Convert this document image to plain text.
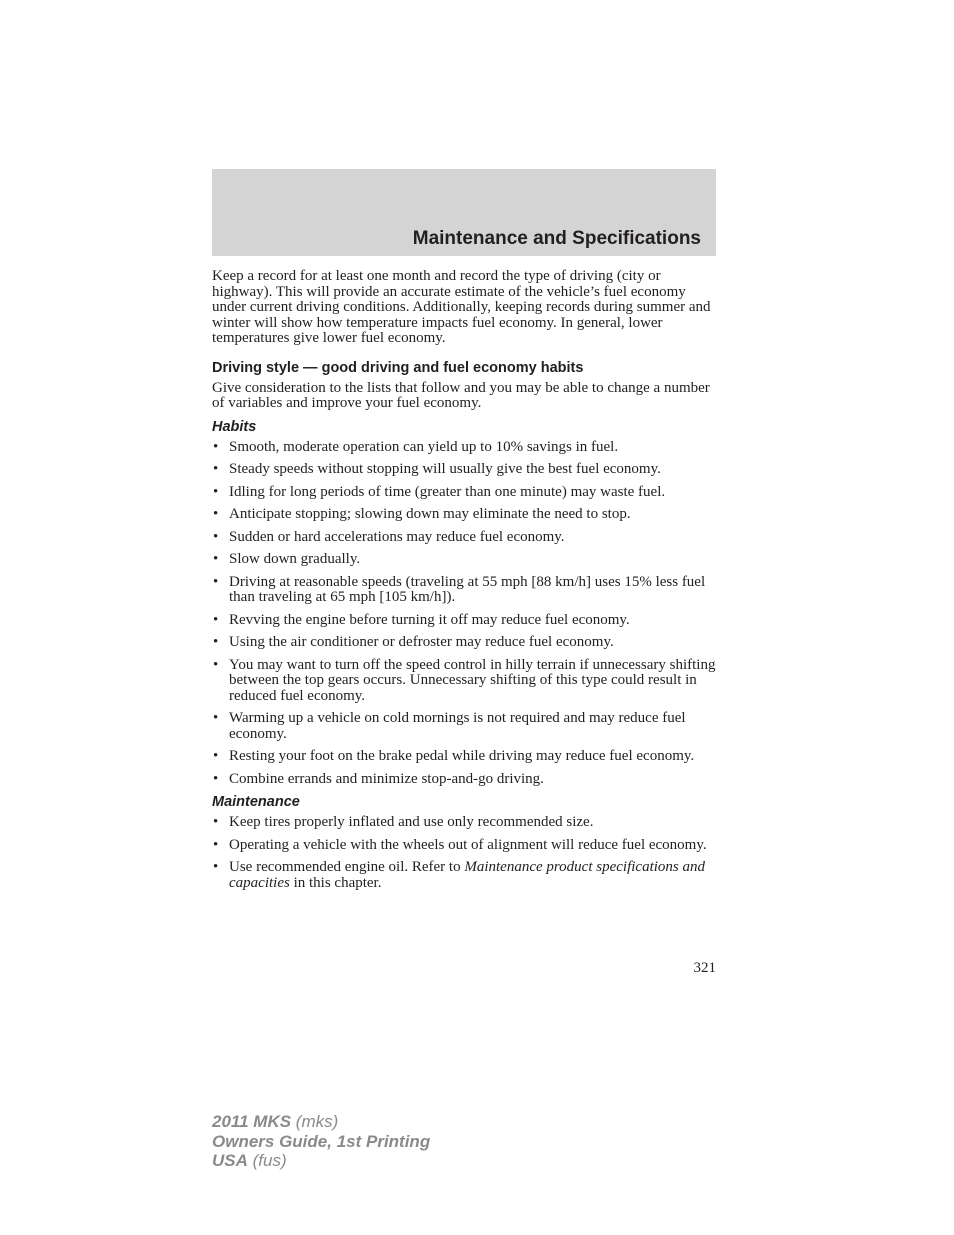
Maintenance and Specifications

Keep a record for at least one month and record the type of driving (city or highway). This will provide an accurate estimate of the vehicle’s fuel economy under current driving conditions. Additionally, keeping records during summer and winter will show how temperature impacts fuel economy. In general, lower temperatures give lower fuel economy.

Driving style — good driving and fuel economy habits

Give consideration to the lists that follow and you may be able to change a number of variables and improve your fuel economy.

Habits
• Smooth, moderate operation can yield up to 10% savings in fuel.
• Steady speeds without stopping will usually give the best fuel economy.
• Idling for long periods of time (greater than one minute) may waste fuel.
• Anticipate stopping; slowing down may eliminate the need to stop.
• Sudden or hard accelerations may reduce fuel economy.
• Slow down gradually.
• Driving at reasonable speeds (traveling at 55 mph [88 km/h] uses 15% less fuel than traveling at 65 mph [105 km/h]).
• Revving the engine before turning it off may reduce fuel economy.
• Using the air conditioner or defroster may reduce fuel economy.
• You may want to turn off the speed control in hilly terrain if unnecessary shifting between the top gears occurs. Unnecessary shifting of this type could result in reduced fuel economy.
• Warming up a vehicle on cold mornings is not required and may reduce fuel economy.
• Resting your foot on the brake pedal while driving may reduce fuel economy.
• Combine errands and minimize stop-and-go driving.
Maintenance
• Keep tires properly inflated and use only recommended size.
• Operating a vehicle with the wheels out of alignment will reduce fuel economy.
• Use recommended engine oil. Refer to Maintenance product specifications and capacities in this chapter.
321
2011 MKS (mks)
Owners Guide, 1st Printing
USA (fus)
